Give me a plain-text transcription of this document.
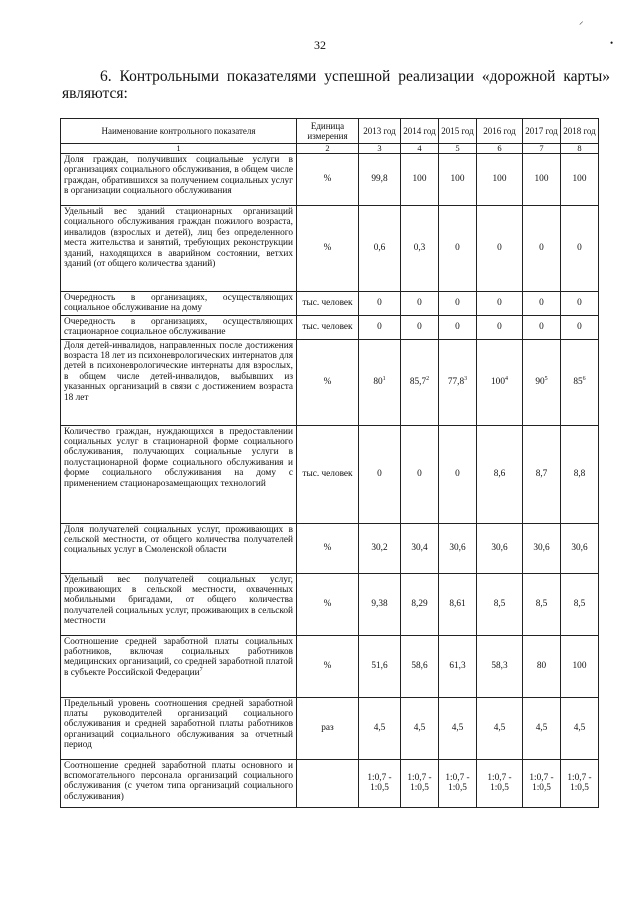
⸝
•
32
6. Контрольными показателями успешной реализации «дорожной карты» являются:
Наименование контрольного показателя	Единица измерения	2013 год	2014 год	2015 год	2016 год	2017 год	2018 год
1	2	3	4	5	6	7	8
Доля граждан, получивших социальные услуги в организациях социального обслуживания, в общем числе граждан, обратившихся за получением социальных услуг в организации социального обслуживания	%	99,8	100	100	100	100	100
Удельный вес зданий стационарных организаций социального обслуживания граждан пожилого возраста, инвалидов (взрослых и детей), лиц без определенного места жительства и занятий, требующих реконструкции зданий, находящихся в аварийном состоянии, ветхих зданий (от общего количества зданий)	%	0,6	0,3	0	0	0	0
Очередность в организациях, осуществляющих социальное обслуживание на дому	тыс. человек	0	0	0	0	0	0
Очередность в организациях, осуществляющих стационарное социальное обслуживание	тыс. человек	0	0	0	0	0	0
Доля детей-инвалидов, направленных после достижения возраста 18 лет из психоневрологических интернатов для детей в психоневрологические интернаты для взрослых, в общем числе детей-инвалидов, выбывших из указанных организаций в связи с достижением возраста 18 лет	%	$80^1$	85,7$^2$	77,8$^3$	$100^4$	$90^5$	$85^6$
Количество граждан, нуждающихся в предоставлении социальных услуг в стационарной форме социального обслуживания, получающих социальные услуги в полустационарной форме социального обслуживания и форме социального обслуживания на дому с применением стационарозамещающих технологий	тыс. человек	0	0	0	8,6	8,7	8,8
Доля получателей социальных услуг, проживающих в сельской местности, от общего количества получателей социальных услуг в Смоленской области	%	30,2	30,4	30,6	30,6	30,6	30,6
Удельный вес получателей социальных услуг, проживающих в сельской местности, охваченных мобильными бригадами, от общего количества получателей социальных услуг, проживающих в сельской местности	%	9,38	8,29	8,61	8,5	8,5	8,5
Соотношение средней заработной платы социальных работников, включая социальных работников медицинских организаций, со средней заработной платой в субъекте Российской Федерации$^7$	%	51,6	58,6	61,3	58,3	80	100
Предельный уровень соотношения средней заработной платы руководителей организаций социального обслуживания и средней заработной платы работников организаций социального обслуживания за отчетный период	раз	4,5	4,5	4,5	4,5	4,5	4,5
Соотношение средней заработной платы основного и вспомогательного персонала организаций социального обслуживания (с учетом типа организаций социального обслуживания)		1:0,7 - 1:0,5	1:0,7 - 1:0,5	1:0,7 - 1:0,5	1:0,7 - 1:0,5	1:0,7 - 1:0,5	1:0,7 - 1:0,5
